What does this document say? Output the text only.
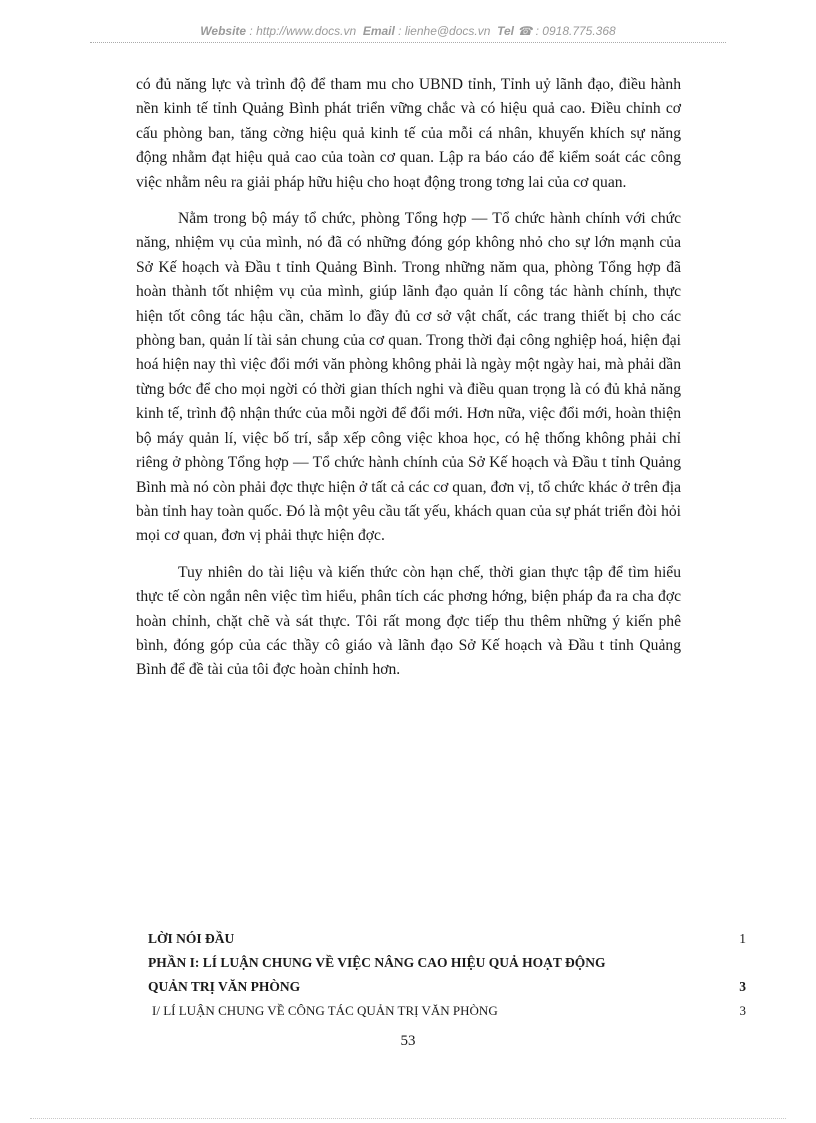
Website : http://www.docs.vn Email : lienhe@docs.vn Tel ☎ : 0918.775.368

có đủ năng lực và trình độ để tham mu cho UBND tỉnh, Tỉnh uỷ lãnh đạo, điều hành nền kinh tế tỉnh Quảng Bình phát triển vững chắc và có hiệu quả cao. Điều chỉnh cơ cấu phòng ban, tăng cờng hiệu quả kinh tế của mỗi cá nhân, khuyến khích sự năng động nhằm đạt hiệu quả cao của toàn cơ quan. Lập ra báo cáo để kiểm soát các công việc nhằm nêu ra giải pháp hữu hiệu cho hoạt động trong tơng lai của cơ quan.

Nằm trong bộ máy tổ chức, phòng Tổng hợp — Tổ chức hành chính với chức năng, nhiệm vụ của mình, nó đã có những đóng góp không nhỏ cho sự lớn mạnh của Sở Kế hoạch và Đầu t tỉnh Quảng Bình. Trong những năm qua, phòng Tổng hợp đã hoàn thành tốt nhiệm vụ của mình, giúp lãnh đạo quản lí công tác hành chính, thực hiện tốt công tác hậu cần, chăm lo đầy đủ cơ sở vật chất, các trang thiết bị cho các phòng ban, quản lí tài sản chung của cơ quan. Trong thời đại công nghiệp hoá, hiện đại hoá hiện nay thì việc đổi mới văn phòng không phải là ngày một ngày hai, mà phải dần từng bớc để cho mọi ngời có thời gian thích nghi và điều quan trọng là có đủ khả năng kinh tế, trình độ nhận thức của mỗi ngời để đổi mới. Hơn nữa, việc đổi mới, hoàn thiện bộ máy quản lí, việc bố trí, sắp xếp công việc khoa học, có hệ thống không phải chỉ riêng ở phòng Tổng hợp — Tổ chức hành chính của Sở Kế hoạch và Đầu t tỉnh Quảng Bình mà nó còn phải đợc thực hiện ở tất cả các cơ quan, đơn vị, tổ chức khác ở trên địa bàn tỉnh hay toàn quốc. Đó là một yêu cầu tất yếu, khách quan của sự phát triển đòi hỏi mọi cơ quan, đơn vị phải thực hiện đợc.

Tuy nhiên do tài liệu và kiến thức còn hạn chế, thời gian thực tập để tìm hiểu thực tế còn ngắn nên việc tìm hiểu, phân tích các phơng hớng, biện pháp đa ra cha đợc hoàn chỉnh, chặt chẽ và sát thực. Tôi rất mong đợc tiếp thu thêm những ý kiến phê bình, đóng góp của các thầy cô giáo và lãnh đạo Sở Kế hoạch và Đầu t tỉnh Quảng Bình để đề tài của tôi đợc hoàn chỉnh hơn.

LỜI NÓI ĐẦU	1
PHẦN I: LÍ LUẬN CHUNG VỀ VIỆC NÂNG CAO HIỆU QUẢ HOẠT ĐỘNG
QUẢN TRỊ VĂN PHÒNG	3
I/ LÍ LUẬN CHUNG VỀ CÔNG TÁC QUẢN TRỊ VĂN PHÒNG	3
53
